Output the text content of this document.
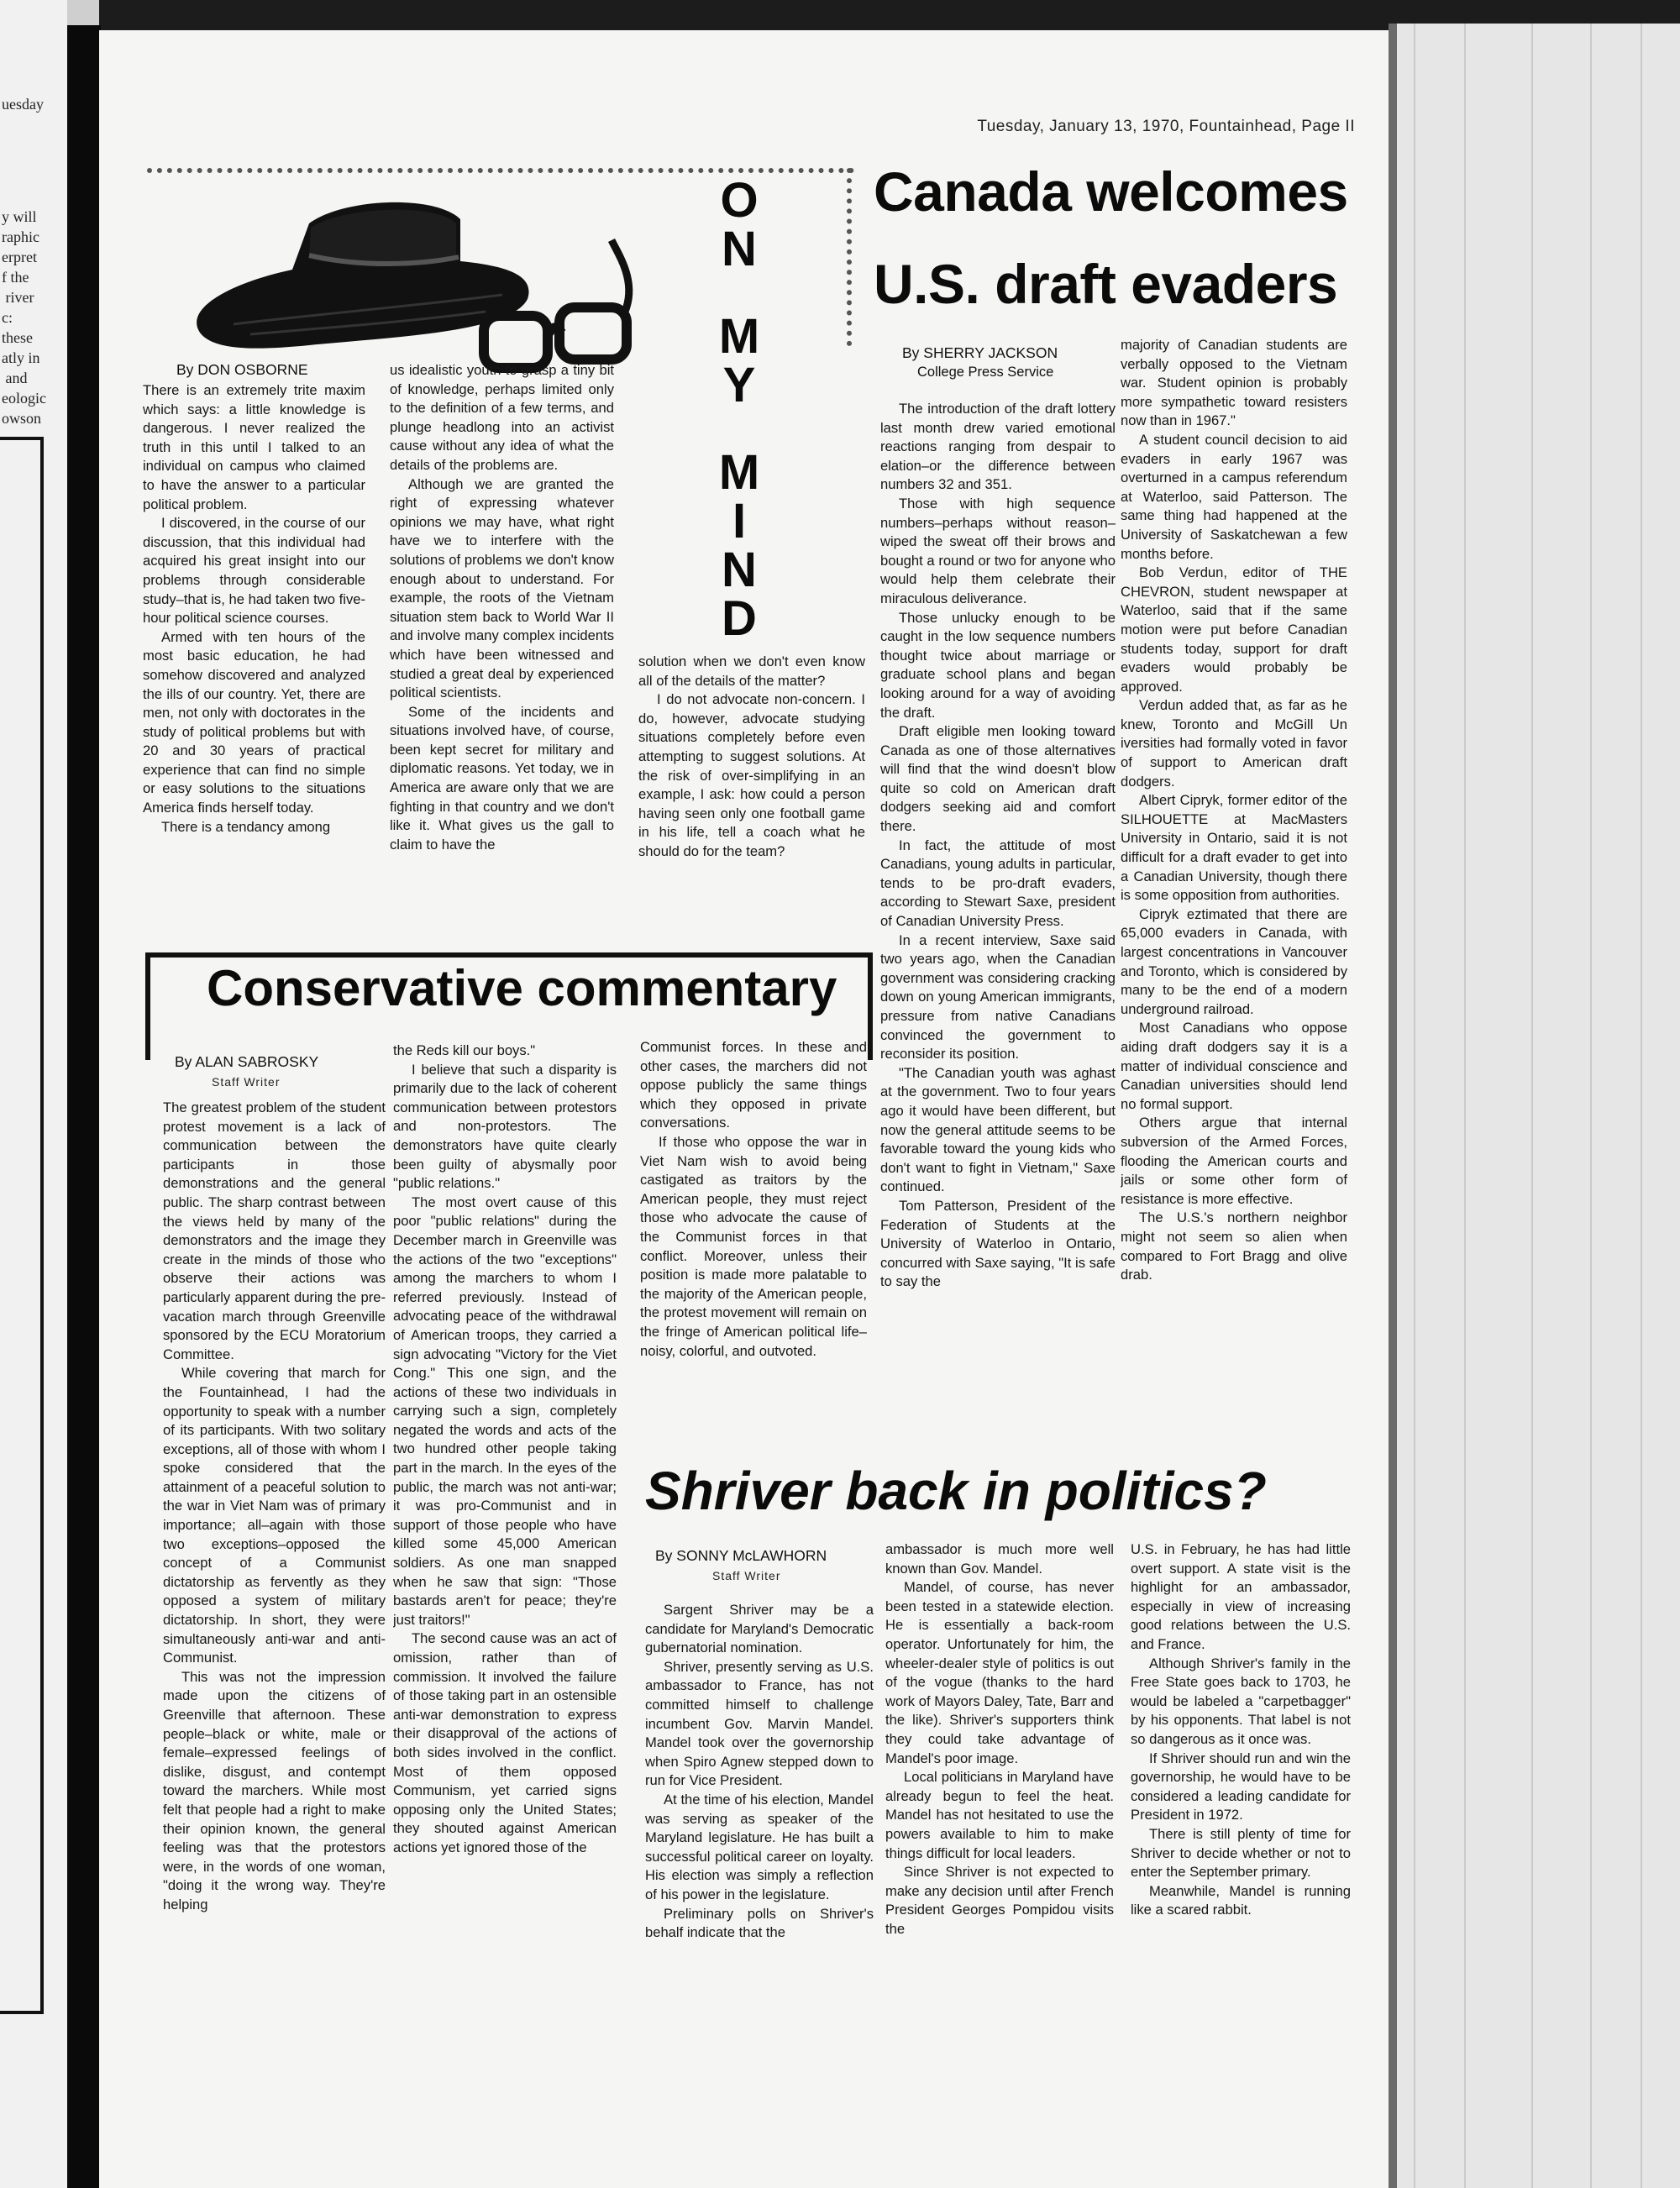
uesday
y will
raphic
erpret
f the
river
c:
these
atly in
and
eologic
owson
Tuesday, January 13, 1970, Fountainhead, Page II
O
N
M
Y
M
I
N
D
By DON OSBORNE

There is an extremely trite maxim which says: a little knowledge is dangerous. I never realized the truth in this until I talked to an individual on campus who claimed to have the answer to a particular political problem.

I discovered, in the course of our discussion, that this individual had acquired his great insight into our problems through considerable study–that is, he had taken two five-hour political science courses.

Armed with ten hours of the most basic education, he had somehow discovered and analyzed the ills of our country. Yet, there are men, not only with doctorates in the study of political problems but with 20 and 30 years of practical experience that can find no simple or easy solutions to the situations America finds herself today.

There is a tendancy among

us idealistic youth to grasp a tiny bit of knowledge, perhaps limited only to the definition of a few terms, and plunge headlong into an activist cause without any idea of what the details of the problems are.

Although we are granted the right of expressing whatever opinions we may have, what right have we to interfere with the solutions of problems we don't know enough about to understand. For example, the roots of the Vietnam situation stem back to World War II and involve many complex incidents which have been witnessed and studied a great deal by experienced political scientists.

Some of the incidents and situations involved have, of course, been kept secret for military and diplomatic reasons. Yet today, we in America are aware only that we are fighting in that country and we don't like it. What gives us the gall to claim to have the

solution when we don't even know all of the details of the matter?

I do not advocate non-concern. I do, however, advocate studying situations completely before even attempting to suggest solutions. At the risk of over-simplifying in an example, I ask: how could a person having seen only one football game in his life, tell a coach what he should do for the team?

Canada welcomes
U.S. draft evaders
By SHERRY JACKSON
College Press Service

The introduction of the draft lottery last month drew varied emotional reactions ranging from despair to elation–or the difference between numbers 32 and 351.

Those with high sequence numbers–perhaps without reason–wiped the sweat off their brows and bought a round or two for anyone who would help them celebrate their miraculous deliverance.

Those unlucky enough to be caught in the low sequence numbers thought twice about marriage or graduate school plans and began looking around for a way of avoiding the draft.

Draft eligible men looking toward Canada as one of those alternatives will find that the wind doesn't blow quite so cold on American draft dodgers seeking aid and comfort there.

In fact, the attitude of most Canadians, young adults in particular, tends to be pro-draft evaders, according to Stewart Saxe, president of Canadian University Press.

In a recent interview, Saxe said two years ago, when the Canadian government was considering cracking down on young American immigrants, pressure from native Canadians convinced the government to reconsider its position.

"The Canadian youth was aghast at the government. Two to four years ago it would have been different, but now the general attitude seems to be favorable toward the young kids who don't want to fight in Vietnam," Saxe continued.

Tom Patterson, President of the Federation of Students at the University of Waterloo in Ontario, concurred with Saxe saying, "It is safe to say the

majority of Canadian students are verbally opposed to the Vietnam war. Student opinion is probably more sympathetic toward resisters now than in 1967."

A student council decision to aid evaders in early 1967 was overturned in a campus referendum at Waterloo, said Patterson. The same thing had happened at the University of Saskatchewan a few months before.

Bob Verdun, editor of THE CHEVRON, student newspaper at Waterloo, said that if the same motion were put before Canadian students today, support for draft evaders would probably be approved.

Verdun added that, as far as he knew, Toronto and McGill Un iversities had formally voted in favor of support to American draft dodgers.

Albert Cipryk, former editor of the SILHOUETTE at MacMasters University in Ontario, said it is not difficult for a draft evader to get into a Canadian University, though there is some opposition from authorities.

Cipryk eztimated that there are 65,000 evaders in Canada, with largest concentrations in Vancouver and Toronto, which is considered by many to be the end of a modern underground railroad.

Most Canadians who oppose aiding draft dodgers say it is a matter of individual conscience and Canadian universities should lend no formal support.

Others argue that internal subversion of the Armed Forces, flooding the American courts and jails or some other form of resistance is more effective.

The U.S.'s northern neighbor might not seem so alien when compared to Fort Bragg and olive drab.

Conservative commentary
By ALAN SABROSKY
Staff Writer

The greatest problem of the student protest movement is a lack of communication between the participants in those demonstrations and the general public. The sharp contrast between the views held by many of the demonstrators and the image they create in the minds of those who observe their actions was particularly apparent during the pre-vacation march through Greenville sponsored by the ECU Moratorium Committee.

While covering that march for the Fountainhead, I had the opportunity to speak with a number of its participants. With two solitary exceptions, all of those with whom I spoke considered that the attainment of a peaceful solution to the war in Viet Nam was of primary importance; all–again with those two exceptions–opposed the concept of a Communist dictatorship as fervently as they opposed a system of military dictatorship. In short, they were simultaneously anti-war and anti-Communist.

This was not the impression made upon the citizens of Greenville that afternoon. These people–black or white, male or female–expressed feelings of dislike, disgust, and contempt toward the marchers. While most felt that people had a right to make their opinion known, the general feeling was that the protestors were, in the words of one woman, "doing it the wrong way. They're helping

the Reds kill our boys."

I believe that such a disparity is primarily due to the lack of coherent communication between protestors and non-protestors. The demonstrators have quite clearly been guilty of abysmally poor "public relations."

The most overt cause of this poor "public relations" during the December march in Greenville was the actions of the two "exceptions" among the marchers to whom I referred previously. Instead of advocating peace of the withdrawal of American troops, they carried a sign advocating "Victory for the Viet Cong." This one sign, and the actions of these two individuals in carrying such a sign, completely negated the words and acts of the two hundred other people taking part in the march. In the eyes of the public, the march was not anti-war; it was pro-Communist and in support of those people who have killed some 45,000 American soldiers. As one man snapped when he saw that sign: "Those bastards aren't for peace; they're just traitors!"

The second cause was an act of omission, rather than of commission. It involved the failure of those taking part in an ostensible anti-war demonstration to express their disapproval of the actions of both sides involved in the conflict. Most of them opposed Communism, yet carried signs opposing only the United States; they shouted against American actions yet ignored those of the

Communist forces. In these and other cases, the marchers did not oppose publicly the same things which they opposed in private conversations.

If those who oppose the war in Viet Nam wish to avoid being castigated as traitors by the American people, they must reject those who advocate the cause of the Communist forces in that conflict. Moreover, unless their position is made more palatable to the majority of the American people, the protest movement will remain on the fringe of American political life–noisy, colorful, and outvoted.

Shriver back in politics?
By SONNY McLAWHORN
Staff Writer

Sargent Shriver may be a candidate for Maryland's Democratic gubernatorial nomination.

Shriver, presently serving as U.S. ambassador to France, has not committed himself to challenge incumbent Gov. Marvin Mandel. Mandel took over the governorship when Spiro Agnew stepped down to run for Vice President.

At the time of his election, Mandel was serving as speaker of the Maryland legislature. He has built a successful political career on loyalty. His election was simply a reflection of his power in the legislature.

Preliminary polls on Shriver's behalf indicate that the

ambassador is much more well known than Gov. Mandel.

Mandel, of course, has never been tested in a statewide election. He is essentially a back-room operator. Unfortunately for him, the wheeler-dealer style of politics is out of the vogue (thanks to the hard work of Mayors Daley, Tate, Barr and the like). Shriver's supporters think they could take advantage of Mandel's poor image.

Local politicians in Maryland have already begun to feel the heat. Mandel has not hesitated to use the powers available to him to make things difficult for local leaders.

Since Shriver is not expected to make any decision until after French President Georges Pompidou visits the

U.S. in February, he has had little overt support. A state visit is the highlight for an ambassador, especially in view of increasing good relations between the U.S. and France.

Although Shriver's family in the Free State goes back to 1703, he would be labeled a "carpetbagger" by his opponents. That label is not so dangerous as it once was.

If Shriver should run and win the governorship, he would have to be considered a leading candidate for President in 1972.

There is still plenty of time for Shriver to decide whether or not to enter the September primary.

Meanwhile, Mandel is running like a scared rabbit.
